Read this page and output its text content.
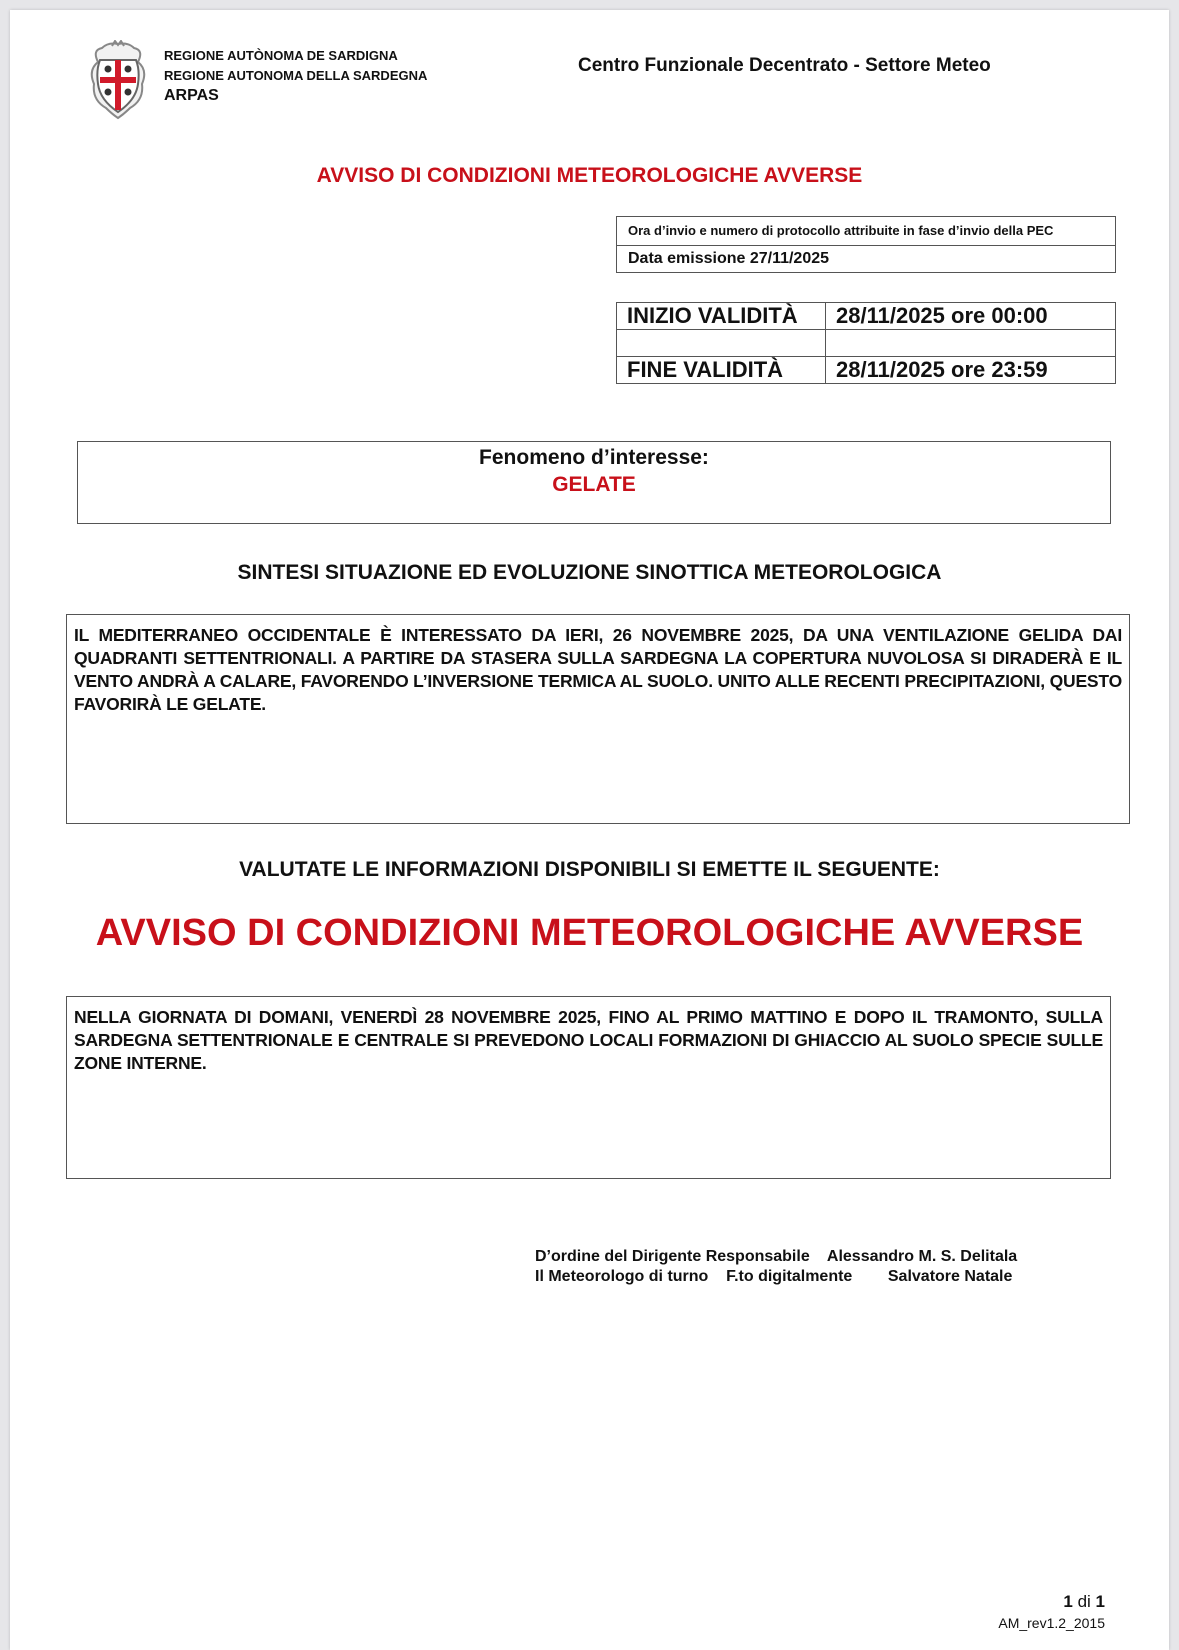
REGIONE AUTÒNOMA DE SARDIGNA
REGIONE AUTONOMA DELLA SARDEGNA
ARPAS
Centro Funzionale Decentrato - Settore Meteo
AVVISO DI CONDIZIONI METEOROLOGICHE AVVERSE
Ora d’invio e numero di protocollo attribuite in fase d’invio della PEC
Data emissione 27/11/2025
INIZIO VALIDITÀ	28/11/2025 ore 00:00

FINE VALIDITÀ	28/11/2025 ore 23:59
Fenomeno d’interesse:
GELATE
SINTESI SITUAZIONE ED EVOLUZIONE SINOTTICA METEOROLOGICA

IL MEDITERRANEO OCCIDENTALE È INTERESSATO DA IERI, 26 NOVEMBRE 2025, DA UNA VENTILAZIONE GELIDA DAI QUADRANTI SETTENTRIONALI. A PARTIRE DA STASERA SULLA SARDEGNA LA COPERTURA NUVOLOSA SI DIRADERÀ E IL VENTO ANDRÀ A CALARE, FAVORENDO L’INVERSIONE TERMICA AL SUOLO. UNITO ALLE RECENTI PRECIPITAZIONI, QUESTO FAVORIRÀ LE GELATE.

VALUTATE LE INFORMAZIONI DISPONIBILI SI EMETTE IL SEGUENTE:
AVVISO DI CONDIZIONI METEOROLOGICHE AVVERSE

NELLA GIORNATA DI DOMANI, VENERDÌ 28 NOVEMBRE 2025, FINO AL PRIMO MATTINO E DOPO IL TRAMONTO, SULLA SARDEGNA SETTENTRIONALE E CENTRALE SI PREVEDONO LOCALI FORMAZIONI DI GHIACCIO AL SUOLO SPECIE SULLE ZONE INTERNE.

D’ordine del Dirigente Responsabile    Alessandro M. S. Delitala
Il Meteorologo di turno    F.to digitalmente        Salvatore Natale
1 di 1
AM_rev1.2_2015
